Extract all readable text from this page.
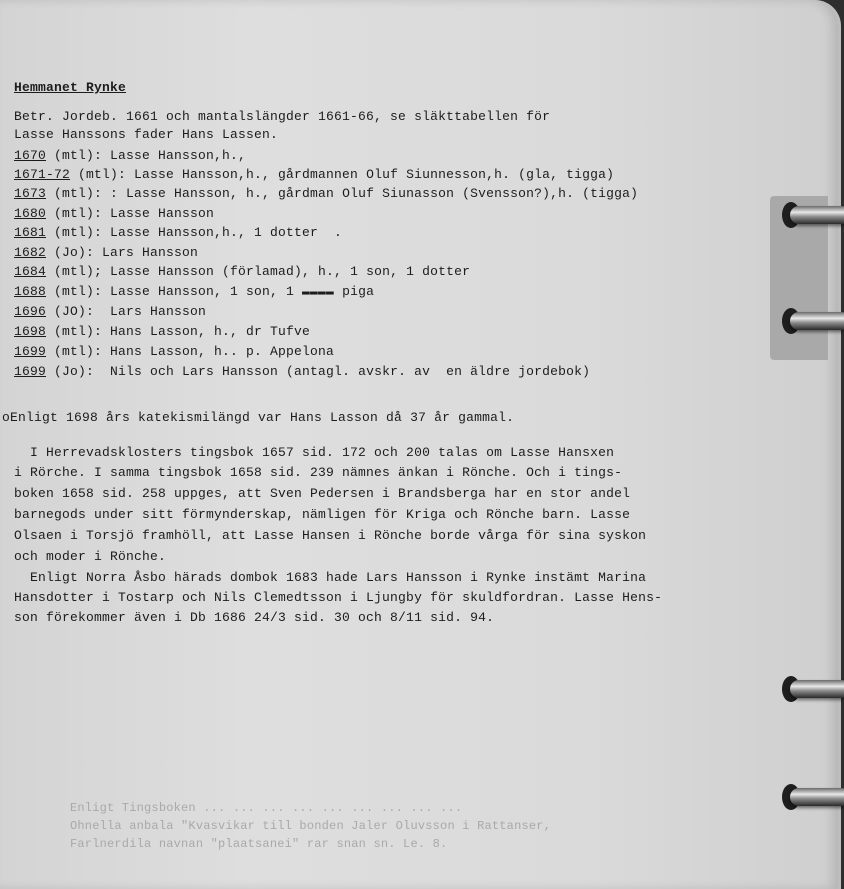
Hemmanet Rynke
Betr. Jordeb. 1661 och mantalslängder 1661-66, se släkttabellen för
Lasse Hanssons fader Hans Lassen.
1670 (mtl): Lasse Hansson,h.,
1671-72 (mtl): Lasse Hansson,h., gårdmannen Oluf Siunnesson,h. (gla, tigga)
1673 (mtl): : Lasse Hansson, h., gårdman Oluf Siunasson (Svensson?),h. (tigga)
1680 (mtl): Lasse Hansson
1681 (mtl): Lasse Hansson,h., 1 dotter  .
1682 (Jo): Lars Hansson
1684 (mtl); Lasse Hansson (förlamad), h., 1 son, 1 dotter
1688 (mtl): Lasse Hansson, 1 son, 1 ▬▬▬▬ piga
1696 (JO):  Lars Hansson
1698 (mtl): Hans Lasson, h., dr Tufve
1699 (mtl): Hans Lasson, h.. p. Appelona
1699 (Jo):  Nils och Lars Hansson (antagl. avskr. av  en äldre jordebok)
oEnligt 1698 års katekismilängd var Hans Lasson då 37 år gammal.
I Herrevadsklosters tingsbok 1657 sid. 172 och 200 talas om Lasse Hansxen
i Rörche. I samma tingsbok 1658 sid. 239 nämnes änkan i Rönche. Och i tings-
boken 1658 sid. 258 uppges, att Sven Pedersen i Brandsberga har en stor andel
barnegods under sitt förmynderskap, nämligen för Kriga och Rönche barn. Lasse
Olsaen i Torsjö framhöll, att Lasse Hansen i Rönche borde vårga för sina syskon
och moder i Rönche.
Enligt Norra Åsbo härads dombok 1683 hade Lars Hansson i Rynke instämt Marina
Hansdotter i Tostarp och Nils Clemedtsson i Ljungby för skuldfordran. Lasse Hens-
son förekommer även i Db 1686 24/3 sid. 30 och 8/11 sid. 94.
Enligt Tingsboken ... ... ... ... ... ... ... ... ...
Ohnella anbala "Kvasvikar till bonden Jaler Oluvsson i Rattanser,
Farlnerdila navnan "plaatsanei" rar snan sn. Le. 8.
